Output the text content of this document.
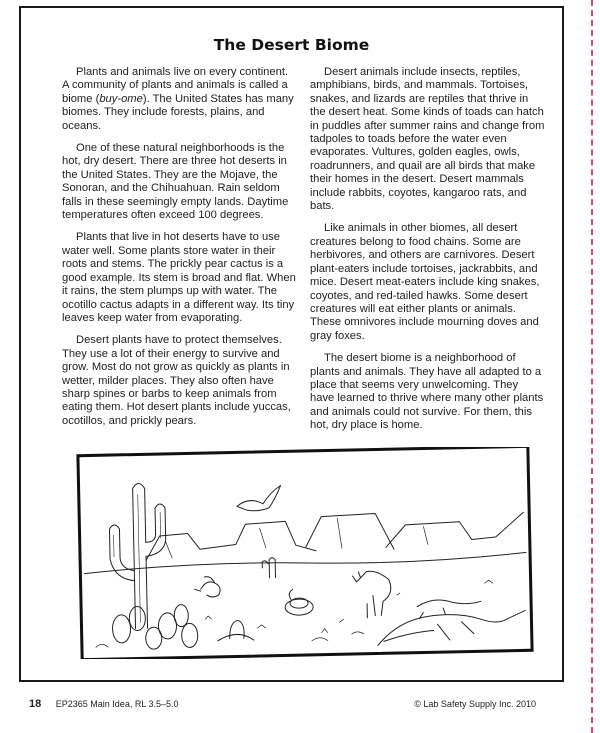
The Desert Biome

Plants and animals live on every continent. A community of plants and animals is called a biome (buy-ome). The United States has many biomes. They include forests, plains, and oceans.

One of these natural neighborhoods is the hot, dry desert. There are three hot deserts in the United States. They are the Mojave, the Sonoran, and the Chihuahuan. Rain seldom falls in these seemingly empty lands. Daytime temperatures often exceed 100 degrees.

Plants that live in hot deserts have to use water well. Some plants store water in their roots and stems. The prickly pear cactus is a good example. Its stem is broad and flat. When it rains, the stem plumps up with water. The ocotillo cactus adapts in a different way. Its tiny leaves keep water from evaporating.

Desert plants have to protect themselves. They use a lot of their energy to survive and grow. Most do not grow as quickly as plants in wetter, milder places. They also often have sharp spines or barbs to keep animals from eating them. Hot desert plants include yuccas, ocotillos, and prickly pears.

Desert animals include insects, reptiles, amphibians, birds, and mammals. Tortoises, snakes, and lizards are reptiles that thrive in the desert heat. Some kinds of toads can hatch in puddles after summer rains and change from tadpoles to toads before the water even evaporates. Vultures, golden eagles, owls, roadrunners, and quail are all birds that make their homes in the desert. Desert mammals include rabbits, coyotes, kangaroo rats, and bats.

Like animals in other biomes, all desert creatures belong to food chains. Some are herbivores, and others are carnivores. Desert plant-eaters include tortoises, jackrabbits, and mice. Desert meat-eaters include king snakes, coyotes, and red-tailed hawks. Some desert creatures will eat either plants or animals. These omnivores include mourning doves and gray foxes.

The desert biome is a neighborhood of plants and animals. They have all adapted to a place that seems very unwelcoming. They have learned to thrive where many other plants and animals could not survive. For them, this hot, dry place is home.

18 EP2365 Main Idea, RL 3.5–5.0	© Lab Safety Supply Inc. 2010
